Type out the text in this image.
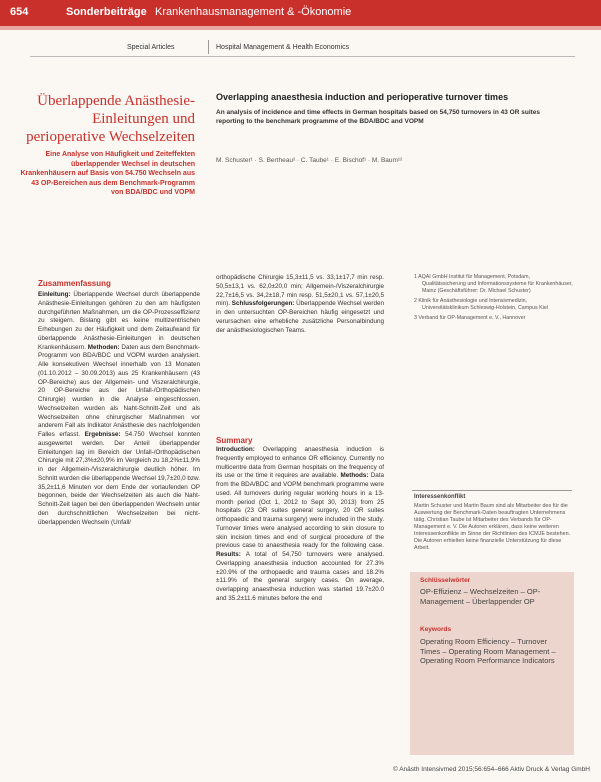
654	Sonderbeiträge Krankenhausmanagement & -Ökonomie
Special Articles	Hospital Management & Health Economics
Überlappende Anästhesie-Einleitungen und perioperative Wechselzeiten
Eine Analyse von Häufigkeit und Zeiteffekten überlappender Wechsel in deutschen Krankenhäusern auf Basis von 54.750 Wechseln aus 43 OP-Bereichen aus dem Benchmark-Programm von BDA/BDC und VOPM
Overlapping anaesthesia induction and perioperative turnover times
An analysis of incidence and time effects in German hospitals based on 54,750 turnovers in 43 OR suites reporting to the benchmark programme of the BDA/BDC and VOPM
M. Schuster¹ · S. Bertheau² · C. Taube¹ · E. Bischof¹ · M. Baum¹²
Zusammenfassung
Einleitung: Überlappende Wechsel durch überlappende Anästhesie-Einleitungen gehören zu den am häufigsten durchgeführten Maßnahmen, um die OP-Prozesseffizienz zu steigern. Bislang gibt es keine multizentrischen Erhebungen zu der Häufigkeit und dem Zeitaufwand für überlappende Anästhesie-Einleitungen in deutschen Krankenhäusern. Methoden: Daten aus dem Benchmark-Programm von BDA/BDC und VOPM wurden analysiert. Alle konsekutiven Wechsel innerhalb von 13 Monaten (01.10.2012 – 30.09.2013) aus 25 Krankenhäusern (43 OP-Bereiche) aus der Allgemein- und Viszeralchirurgie, 20 OP-Bereiche aus der Unfall-/Orthopädischen Chirurgie) wurden in die Analyse eingeschlossen. Wechselzeiten wurden als Naht-Schnitt-Zeit und als Wechselzeiten ohne chirurgischer Maßnahmen vor anderem Fall als Indikator Anästhesie des nachfolgenden Falles erfasst. Ergebnisse: 54.750 Wechsel konnten ausgewertet werden. Der Anteil überlappender Einleitungen lag im Bereich der Unfall-/Orthopädischen Chirurgie mit 27,3%±20,9% im Vergleich zu 18,2%±11,9% in der Allgemein-/Viszeralchirurgie deutlich höher. Im Schnitt wurden die überlappende Wechsel 19,7±20,0 bzw. 35,2±11,6 Minuten vor dem Ende der vorlaufenden OP begonnen, beide der Wechselzeiten als auch die Naht-Schnitt-Zeit lagen bei den überlappenden Wechseln unter den durchschnittlichen Wechselzeiten bei nicht-überlappenden Wechseln (Unfall/
orthopädische Chirurgie 15,3±11,5 vs. 33,1±17,7 min resp. 50,5±13,1 vs. 62,0±20,0 min; Allgemein-/Viszeralchirurgie 22,7±16,5 vs. 34,2±18,7 min resp. 51,5±20,1 vs. 57,1±20,5 min). Schlussfolgerungen: Überlappende Wechsel werden in den untersuchten OP-Bereichen häufig eingesetzt und verursachen eine erhebliche zusätzliche Personalbindung der anästhesiologischen Teams.
Summary
Introduction: Overlapping anaesthesia induction is frequently employed to enhance OR efficiency. Currently no multicentre data from German hospitals on the frequency of its use or the time it requires are available. Methods: Data from the BDA/BDC and VOPM benchmark programme were used. All turnovers during regular working hours in a 13-month period (Oct 1, 2012 to Sept 30, 2013) from 25 hospitals (23 OR suites general surgery, 20 OR suites orthopaedic and trauma surgery) were included in the study. Turnover times were analysed according to skin closure to skin incision times and end of surgical procedure of the previous case to anaesthesia ready for the following case. Results: A total of 54,750 turnovers were analysed. Overlapping anaesthesia induction accounted for 27.3%±20.9% of the orthopaedic and trauma cases and 18.2%±11.9% of the general surgery cases. On average, overlapping anaesthesia induction was started 19.7±20.0 and 35.2±11.6 minutes before the end
1 AQAI GmbH Institut für Management, Potsdam, Qualitätssicherung und Informationssysteme für Krankenhäuser, Mainz (Geschäftsführer: Dr. Michael Schuster)
2 Klinik für Anästhesiologie und Intensivmedizin, Universitätsklinikum Schleswig-Holstein, Campus Kiel
3 Verband für OP-Management e. V., Hannover
Interessenkonflikt
Martin Schuster und Martin Baum sind als Mitarbeiter des für die Auswertung der Benchmark-Daten beauftragten Unternehmens tätig. Christian Taube ist Mitarbeiter des Verbands für OP-Management e. V. Die Autoren erklären, dass keine weiteren Interessenkonflikte im Sinne der Richtlinien des ICMJE bestehen. Die Autoren erhielten keine finanzielle Unterstützung für diese Arbeit.
Schlüsselwörter
OP-Effizienz – Wechselzeiten – OP-Management – Überlappender OP
Keywords
Operating Room Efficiency – Turnover Times – Operating Room Management – Operating Room Performance Indicators
© Anästh Intensivmed 2015;56:654–666 Aktiv Druck & Verlag GmbH
